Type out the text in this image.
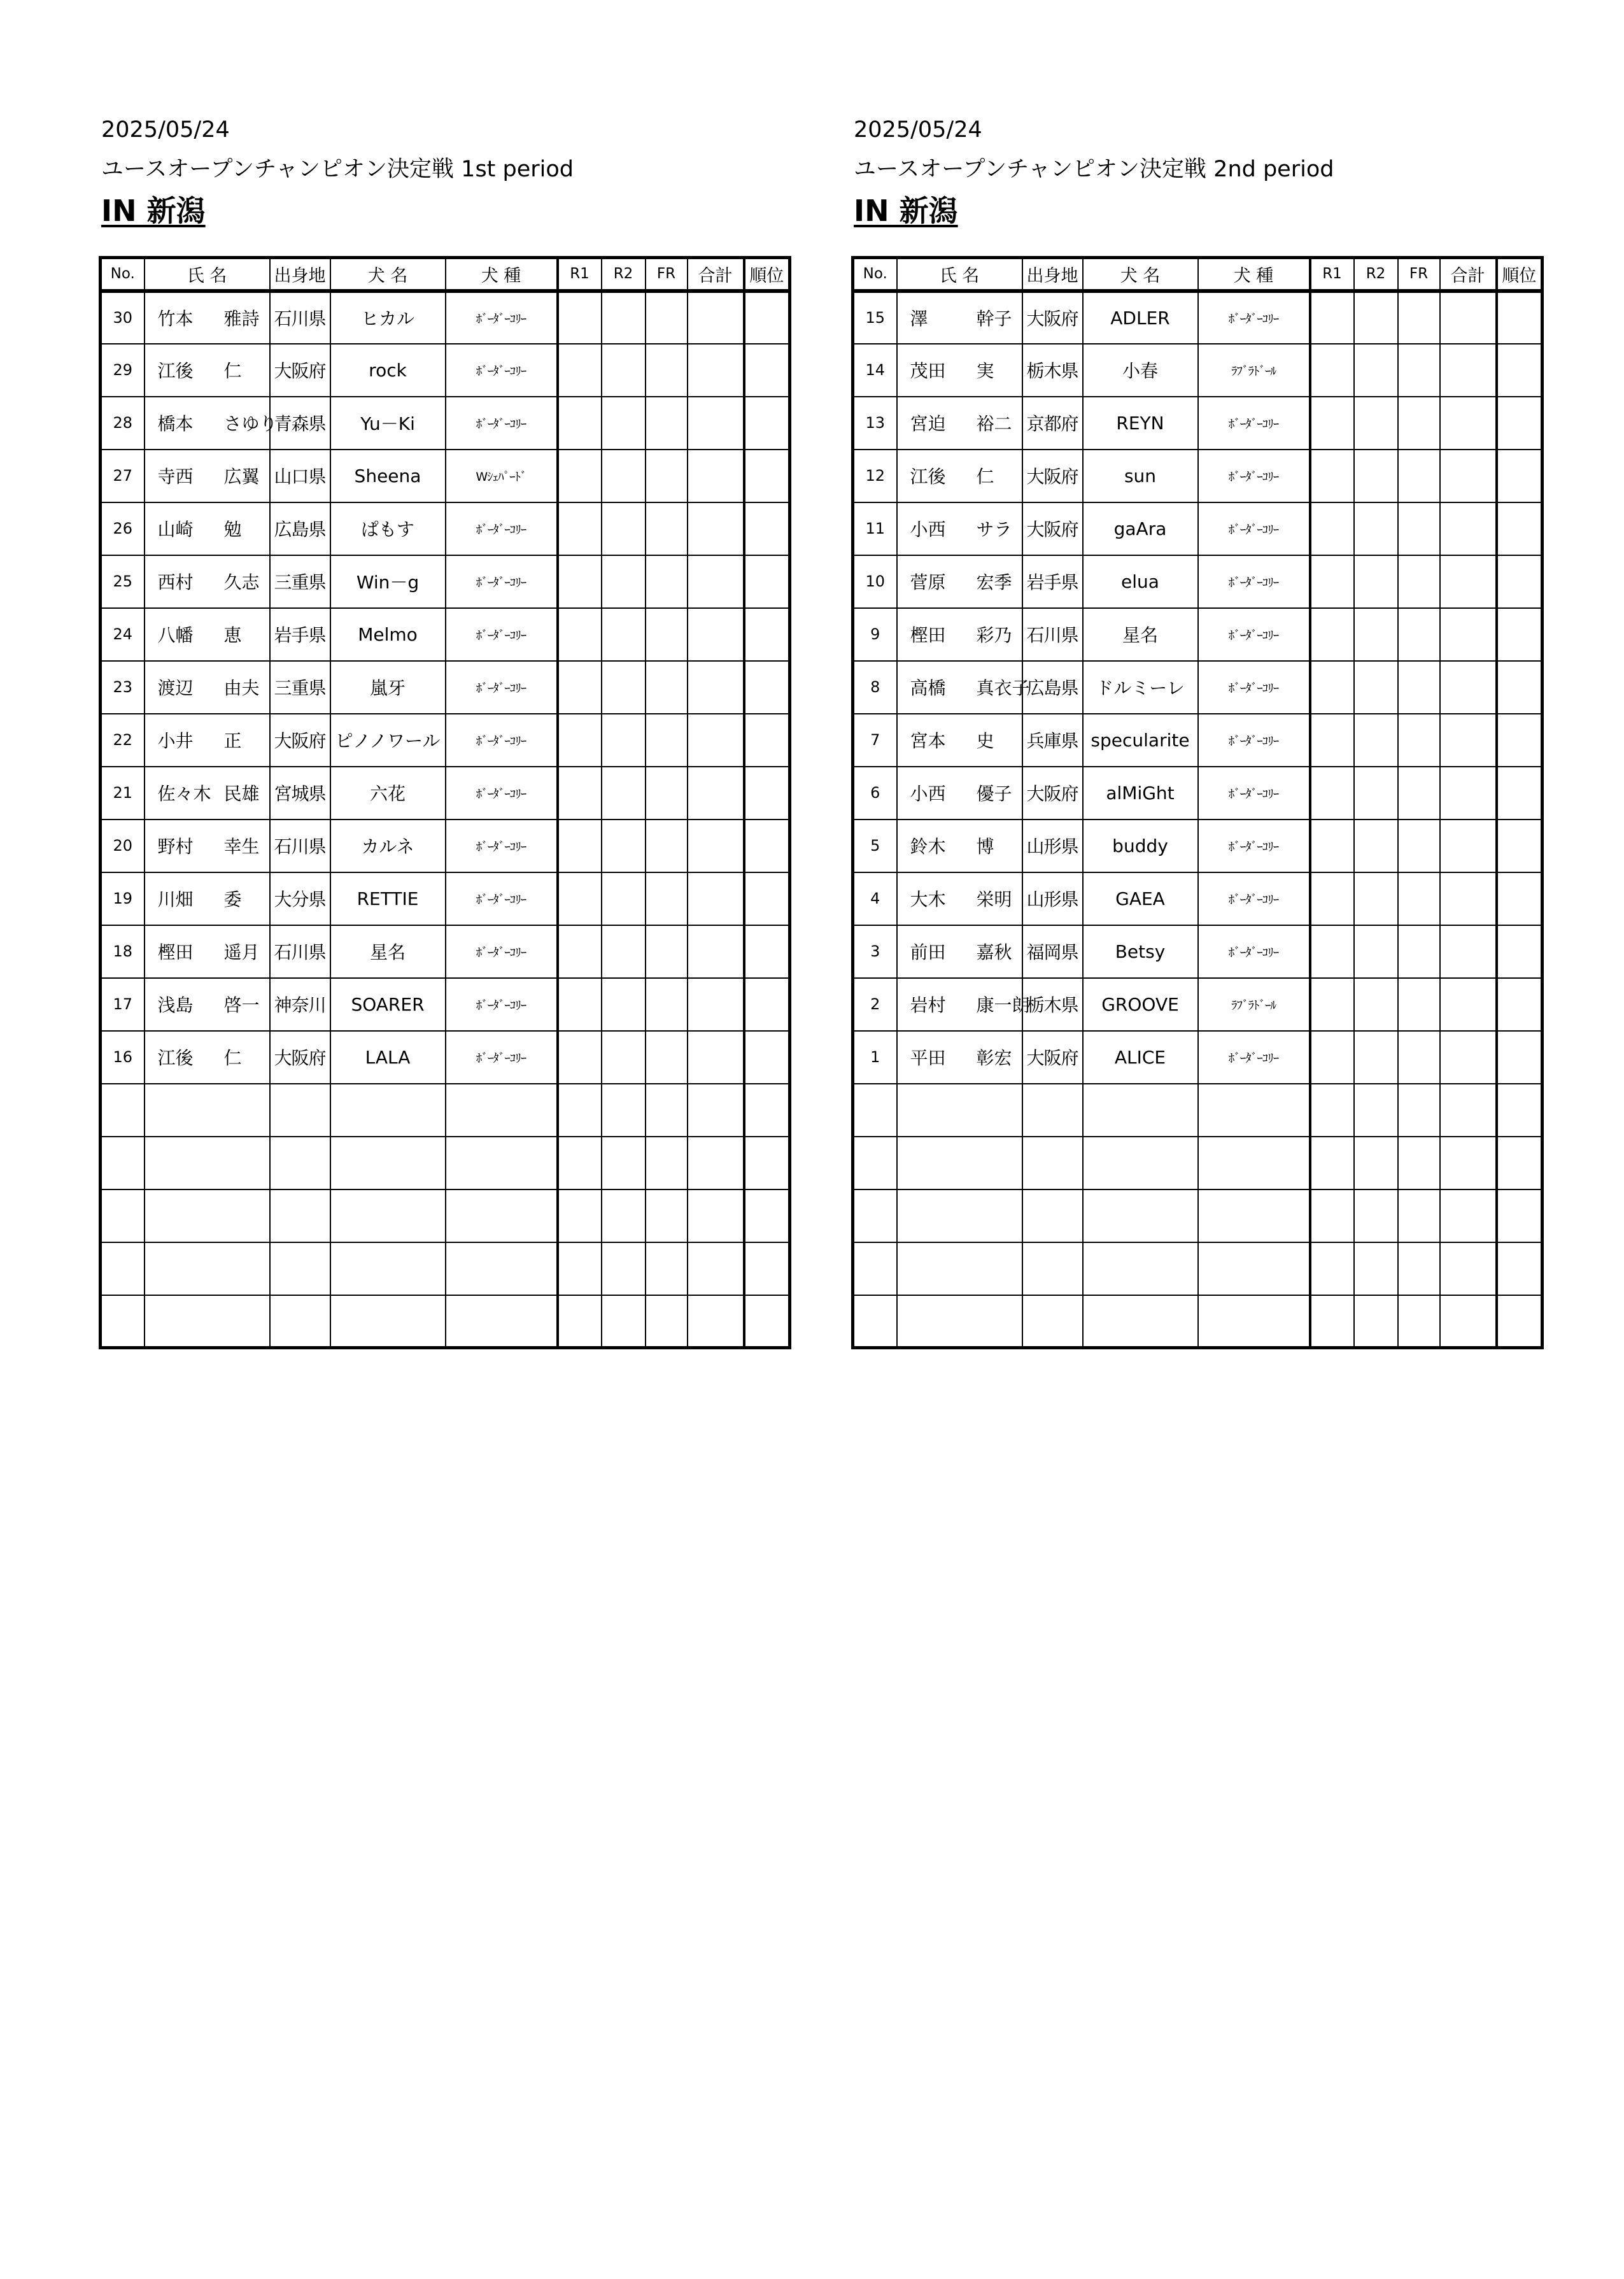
2025/05/24
ユースオープンチャンピオン決定戦 1st period
IN 新潟
No.	氏 名	出身地	犬 名	犬 種	R1	R2	FR	合計	順位
30	竹本 雅詩	石川県	ヒカル	ﾎﾞｰﾀﾞｰｺﾘｰ					
29	江後 仁	大阪府	rock	ﾎﾞｰﾀﾞｰｺﾘｰ					
28	橋本 さゆり	青森県	Yu－Ki	ﾎﾞｰﾀﾞｰｺﾘｰ					
27	寺西 広翼	山口県	Sheena	Wｼｪﾊﾟｰﾄﾞ					
26	山崎 勉	広島県	ぱもす	ﾎﾞｰﾀﾞｰｺﾘｰ					
25	西村 久志	三重県	Win－g	ﾎﾞｰﾀﾞｰｺﾘｰ					
24	八幡 恵	岩手県	Melmo	ﾎﾞｰﾀﾞｰｺﾘｰ					
23	渡辺 由夫	三重県	嵐牙	ﾎﾞｰﾀﾞｰｺﾘｰ					
22	小井 正	大阪府	ピノノワール	ﾎﾞｰﾀﾞｰｺﾘｰ					
21	佐々木 民雄	宮城県	六花	ﾎﾞｰﾀﾞｰｺﾘｰ					
20	野村 幸生	石川県	カルネ	ﾎﾞｰﾀﾞｰｺﾘｰ					
19	川畑 委	大分県	RETTIE	ﾎﾞｰﾀﾞｰｺﾘｰ					
18	樫田 遥月	石川県	星名	ﾎﾞｰﾀﾞｰｺﾘｰ					
17	浅島 啓一	神奈川	SOARER	ﾎﾞｰﾀﾞｰｺﾘｰ					
16	江後 仁	大阪府	LALA	ﾎﾞｰﾀﾞｰｺﾘｰ					

2025/05/24
ユースオープンチャンピオン決定戦 2nd period
IN 新潟
No.	氏 名	出身地	犬 名	犬 種	R1	R2	FR	合計	順位
15	澤 幹子	大阪府	ADLER	ﾎﾞｰﾀﾞｰｺﾘｰ					
14	茂田 実	栃木県	小春	ﾗﾌﾞﾗﾄﾞｰﾙ					
13	宮迫 裕二	京都府	REYN	ﾎﾞｰﾀﾞｰｺﾘｰ					
12	江後 仁	大阪府	sun	ﾎﾞｰﾀﾞｰｺﾘｰ					
11	小西 サラ	大阪府	gaAra	ﾎﾞｰﾀﾞｰｺﾘｰ					
10	菅原 宏季	岩手県	elua	ﾎﾞｰﾀﾞｰｺﾘｰ					
9	樫田 彩乃	石川県	星名	ﾎﾞｰﾀﾞｰｺﾘｰ					
8	高橋 真衣子	広島県	ドルミーレ	ﾎﾞｰﾀﾞｰｺﾘｰ					
7	宮本 史	兵庫県	specularite	ﾎﾞｰﾀﾞｰｺﾘｰ					
6	小西 優子	大阪府	alMiGht	ﾎﾞｰﾀﾞｰｺﾘｰ					
5	鈴木 博	山形県	buddy	ﾎﾞｰﾀﾞｰｺﾘｰ					
4	大木 栄明	山形県	GAEA	ﾎﾞｰﾀﾞｰｺﾘｰ					
3	前田 嘉秋	福岡県	Betsy	ﾎﾞｰﾀﾞｰｺﾘｰ					
2	岩村 康一朗	栃木県	GROOVE	ﾗﾌﾞﾗﾄﾞｰﾙ					
1	平田 彰宏	大阪府	ALICE	ﾎﾞｰﾀﾞｰｺﾘｰ					
